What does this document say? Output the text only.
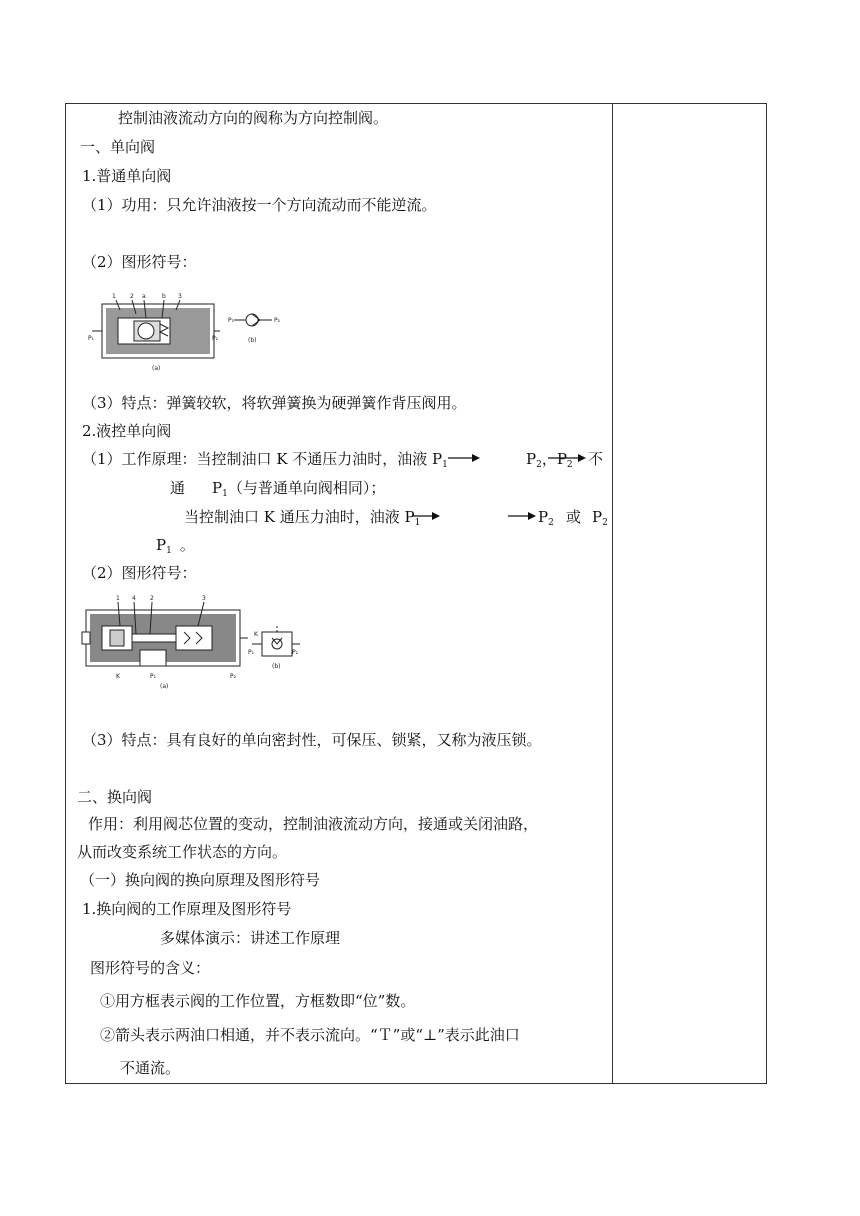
控制油液流动方向的阀称为方向控制阀。
一、单向阀
1.普通单向阀
（1）功用：只允许油液按一个方向流动而不能逆流。
（2）图形符号：
1 2 a	b 3
P₁	P₂
(a)
P₁	P₂
(b)
（3）特点：弹簧较软，将软弹簧换为硬弹簧作背压阀用。
2.液控单向阀
（1）工作原理：当控制油口 K 不通压力油时，油液 $P_1$	$P_2$，$P_2$ 不
通 $P_1$（与普通单向阀相同）；
当控制油口 K 通压力油时，油液 $P_1$	$P_2$ 或 $P_2$
$P_1$ 。
（2）图形符号：
1 4 2	3
K	P₁	P₂
(a)
K
P₁	P₂
(b)
（3）特点：具有良好的单向密封性，可保压、锁紧，又称为液压锁。
二、换向阀
作用：利用阀芯位置的变动，控制油液流动方向，接通或关闭油路，
从而改变系统工作状态的方向。
（一）换向阀的换向原理及图形符号
1.换向阀的工作原理及图形符号
多媒体演示：讲述工作原理
图形符号的含义：
①用方框表示阀的工作位置，方框数即“位”数。
②箭头表示两油口相通，并不表示流向。“Ｔ”或“⊥”表示此油口
不通流。
